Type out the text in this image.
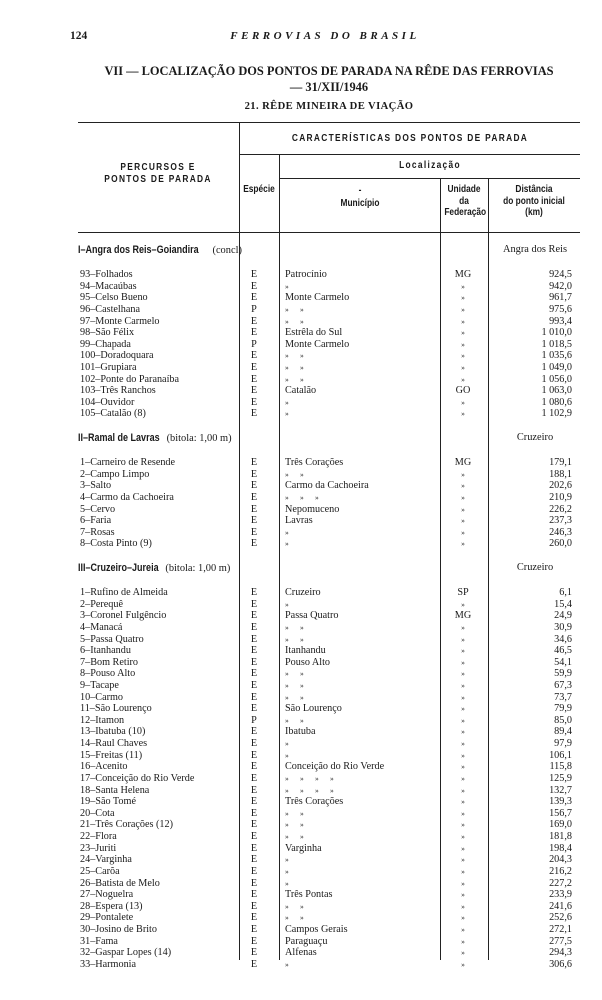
124	FERROVIAS DO BRASIL
VII — LOCALIZAÇÃO DOS PONTOS DE PARADA NA RÊDE DAS FERROVIAS
— 31/XII/1946
21. RÊDE MINEIRA DE VIAÇÃO
CARACTERÍSTICAS DOS PONTOS DE PARADA
PERCURSOS E
PONTOS DE PARADA
Localização
Espécie	-
Município
Unidade
da
Federação
Distância
do ponto inicial
(km)
I–Angra dos Reis–Goiandira (concl)	Angra dos Reis
93–Folhados	E	Patrocínio	MG	924,5
94–Macaúbas	E	»	»	942,0
95–Celso Bueno	E	Monte Carmelo	»	961,7
96–Castelhana	P	»      »	»	975,6
97–Monte Carmelo	E	»      »	»	993,4
98–São Félix	E	Estrêla do Sul	»	1 010,0
99–Chapada	P	Monte Carmelo	»	1 018,5
100–Doradoquara	E	»      »	»	1 035,6
101–Grupiara	E	»      »	»	1 049,0
102–Ponte do Paranaíba	E	»      »	»	1 056,0
103–Três Ranchos	E	Catalão	GO	1 063,0
104–Ouvidor	E	»	»	1 080,6
105–Catalão (8)	E	»	»	1 102,9
II–Ramal de Lavras (bitola: 1,00 m)	Cruzeiro
1–Carneiro de Resende	E	Três Corações	MG	179,1
2–Campo Limpo	E	»      »	»	188,1
3–Salto	E	Carmo da Cachoeira	»	202,6
4–Carmo da Cachoeira	E	»      »      »	»	210,9
5–Cervo	E	Nepomuceno	»	226,2
6–Faria	E	Lavras	»	237,3
7–Rosas	E	»	»	246,3
8–Costa Pinto (9)	E	»	»	260,0
III–Cruzeiro–Jureia (bitola: 1,00 m)	Cruzeiro
1–Rufino de Almeida	E	Cruzeiro	SP	6,1
2–Perequê	E	»	»	15,4
3–Coronel Fulgêncio	E	Passa Quatro	MG	24,9
4–Manacá	E	»      »	»	30,9
5–Passa Quatro	E	»      »	»	34,6
6–Itanhandu	E	Itanhandu	»	46,5
7–Bom Retiro	E	Pouso Alto	»	54,1
8–Pouso Alto	E	»      »	»	59,9
9–Tacape	E	»      »	»	67,3
10–Carmo	E	»      »	»	73,7
11–São Lourenço	E	São Lourenço	»	79,9
12–Itamon	P	»      »	»	85,0
13–Ibatuba (10)	E	Ibatuba	»	89,4
14–Raul Chaves	E	»	»	97,9
15–Freitas (11)	E	»	»	106,1
16–Acenito	E	Conceição do Rio Verde	»	115,8
17–Conceição do Rio Verde	E	»      »      »      »	»	125,9
18–Santa Helena	E	»      »      »      »	»	132,7
19–São Tomé	E	Três Corações	»	139,3
20–Cota	E	»      »	»	156,7
21–Três Corações (12)	E	»      »	»	169,0
22–Flora	E	»      »	»	181,8
23–Juriti	E	Varginha	»	198,4
24–Varginha	E	»	»	204,3
25–Carõa	E	»	»	216,2
26–Batista de Melo	E	»	»	227,2
27–Noguelra	E	Três Pontas	»	233,9
28–Espera (13)	E	»      »	»	241,6
29–Pontalete	E	»      »	»	252,6
30–Josino de Brito	E	Campos Gerais	»	272,1
31–Fama	E	Paraguaçu	»	277,5
32–Gaspar Lopes (14)	E	Alfenas	»	294,3
33–Harmonia	E	»	»	306,6
